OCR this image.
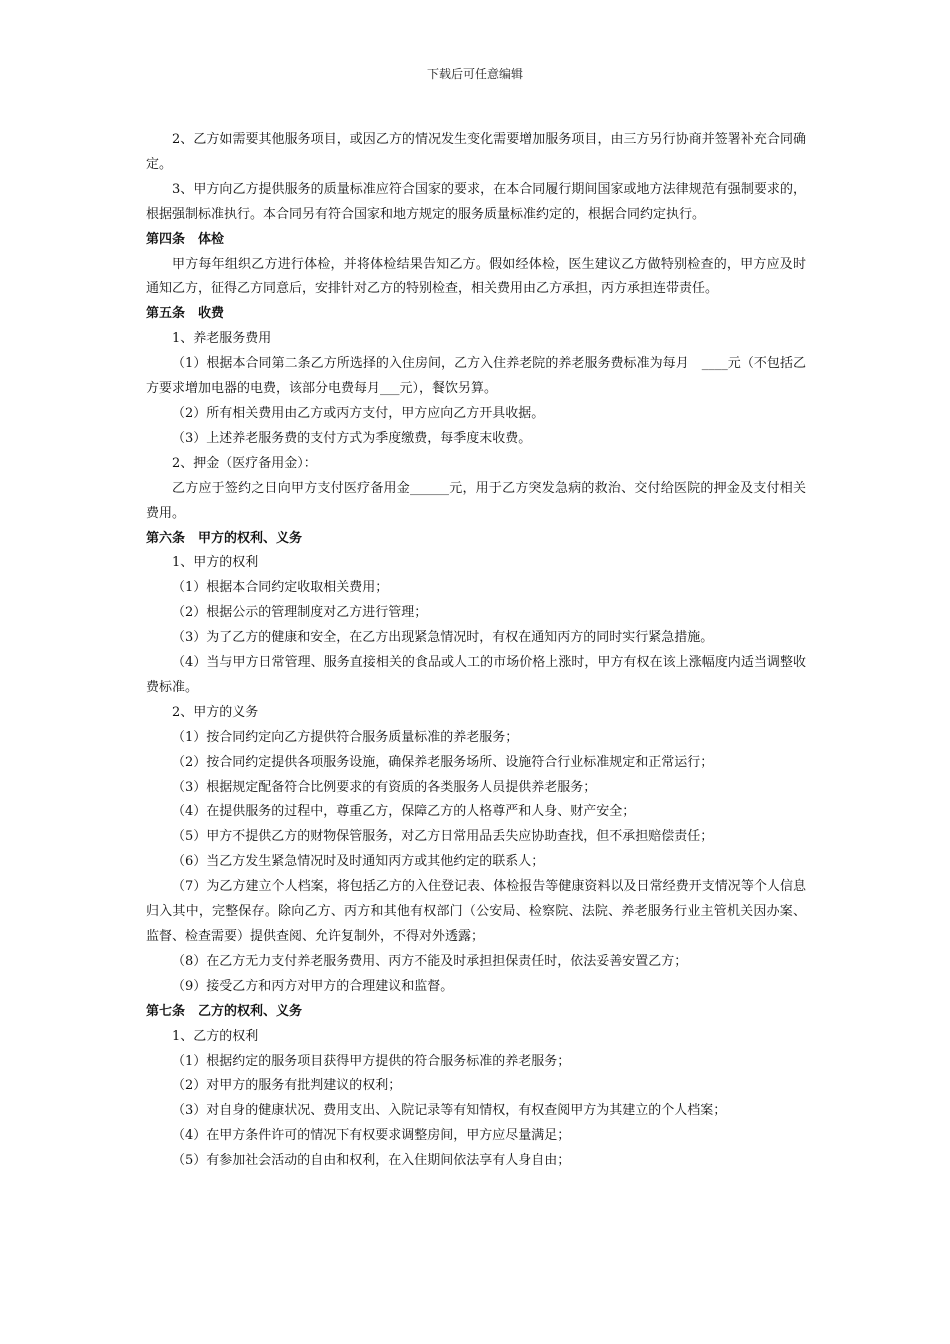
下载后可任意编辑

2、乙方如需要其他服务项目，或因乙方的情况发生变化需要增加服务项目，由三方另行协商并签署补充合同确定。

3、甲方向乙方提供服务的质量标准应符合国家的要求，在本合同履行期间国家或地方法律规范有强制要求的，根据强制标准执行。本合同另有符合国家和地方规定的服务质量标准约定的，根据合同约定执行。

第四条　体检

甲方每年组织乙方进行体检，并将体检结果告知乙方。假如经体检，医生建议乙方做特别检查的，甲方应及时通知乙方，征得乙方同意后，安排针对乙方的特别检查，相关费用由乙方承担，丙方承担连带责任。

第五条　收费

1、养老服务费用

（1）根据本合同第二条乙方所选择的入住房间，乙方入住养老院的养老服务费标准为每月　____元（不包括乙方要求增加电器的电费，该部分电费每月___元），餐饮另算。

（2）所有相关费用由乙方或丙方支付，甲方应向乙方开具收据。

（3）上述养老服务费的支付方式为季度缴费，每季度末收费。

2、押金（医疗备用金）：

乙方应于签约之日向甲方支付医疗备用金______元，用于乙方突发急病的救治、交付给医院的押金及支付相关费用。

第六条　甲方的权利、义务

1、甲方的权利

（1）根据本合同约定收取相关费用；

（2）根据公示的管理制度对乙方进行管理；

（3）为了乙方的健康和安全，在乙方出现紧急情况时，有权在通知丙方的同时实行紧急措施。

（4）当与甲方日常管理、服务直接相关的食品或人工的市场价格上涨时，甲方有权在该上涨幅度内适当调整收费标准。

2、甲方的义务

（1）按合同约定向乙方提供符合服务质量标准的养老服务；

（2）按合同约定提供各项服务设施，确保养老服务场所、设施符合行业标准规定和正常运行；

（3）根据规定配备符合比例要求的有资质的各类服务人员提供养老服务；

（4）在提供服务的过程中，尊重乙方，保障乙方的人格尊严和人身、财产安全；

（5）甲方不提供乙方的财物保管服务，对乙方日常用品丢失应协助查找，但不承担赔偿责任；

（6）当乙方发生紧急情况时及时通知丙方或其他约定的联系人；

（7）为乙方建立个人档案，将包括乙方的入住登记表、体检报告等健康资料以及日常经费开支情况等个人信息归入其中，完整保存。除向乙方、丙方和其他有权部门（公安局、检察院、法院、养老服务行业主管机关因办案、监督、检查需要）提供查阅、允许复制外，不得对外透露；

（8）在乙方无力支付养老服务费用、丙方不能及时承担担保责任时，依法妥善安置乙方；

（9）接受乙方和丙方对甲方的合理建议和监督。

第七条　乙方的权利、义务

1、乙方的权利

（1）根据约定的服务项目获得甲方提供的符合服务标准的养老服务；

（2）对甲方的服务有批判建议的权利；

（3）对自身的健康状况、费用支出、入院记录等有知情权，有权查阅甲方为其建立的个人档案；

（4）在甲方条件许可的情况下有权要求调整房间，甲方应尽量满足；

（5）有参加社会活动的自由和权利，在入住期间依法享有人身自由；
